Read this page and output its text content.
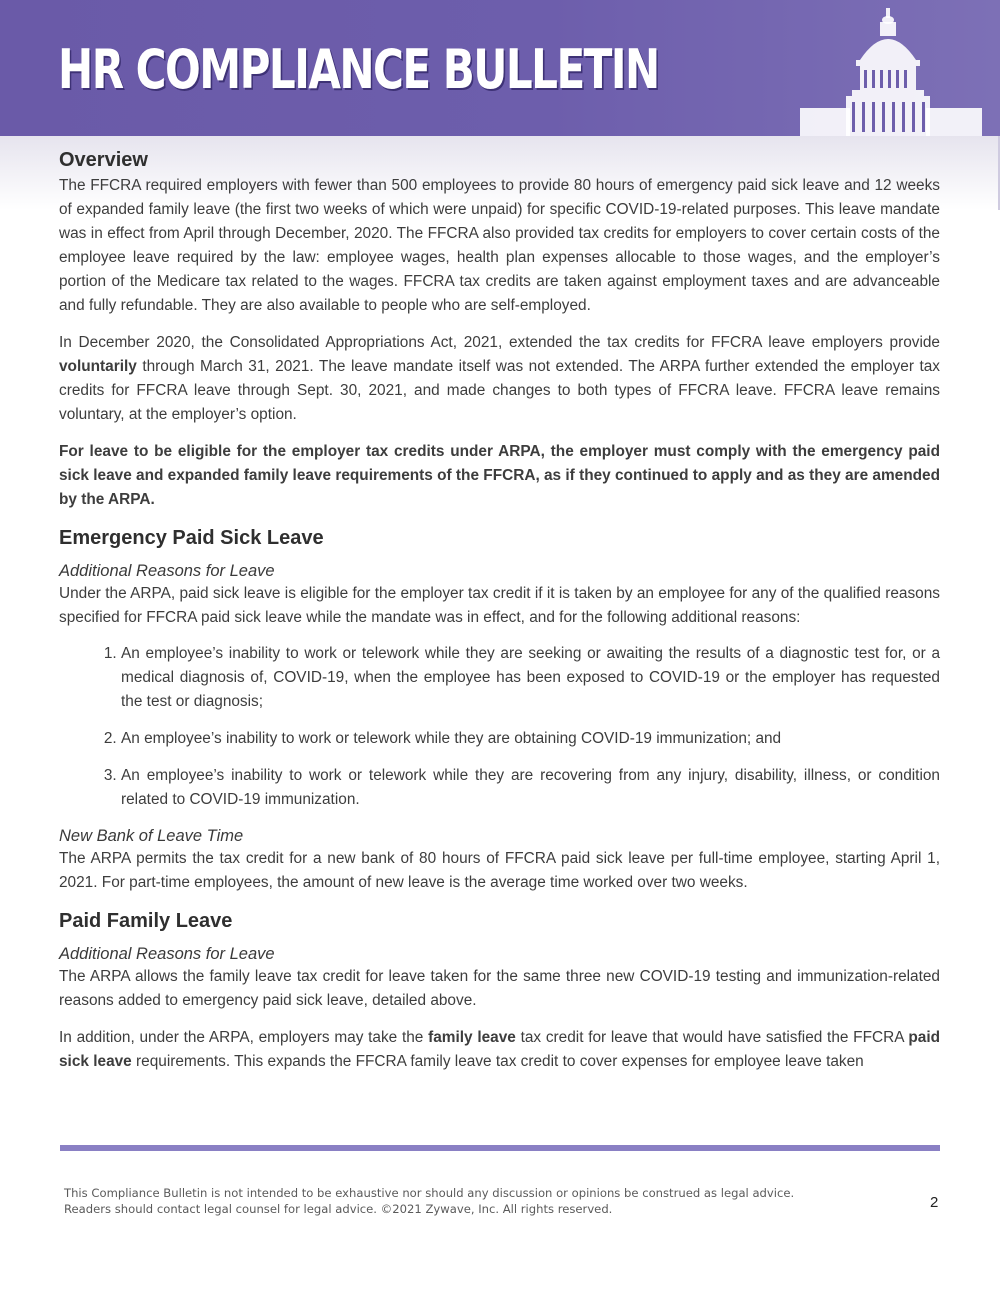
HR COMPLIANCE BULLETIN
Overview

The FFCRA required employers with fewer than 500 employees to provide 80 hours of emergency paid sick leave and 12 weeks of expanded family leave (the first two weeks of which were unpaid) for specific COVID-19-related purposes. This leave mandate was in effect from April through December, 2020. The FFCRA also provided tax credits for employers to cover certain costs of the employee leave required by the law: employee wages, health plan expenses allocable to those wages, and the employer’s portion of the Medicare tax related to the wages. FFCRA tax credits are taken against employment taxes and are advanceable and fully refundable. They are also available to people who are self-employed.

In December 2020, the Consolidated Appropriations Act, 2021, extended the tax credits for FFCRA leave employers provide voluntarily through March 31, 2021. The leave mandate itself was not extended. The ARPA further extended the employer tax credits for FFCRA leave through Sept. 30, 2021, and made changes to both types of FFCRA leave. FFCRA leave remains voluntary, at the employer’s option.

For leave to be eligible for the employer tax credits under ARPA, the employer must comply with the emergency paid sick leave and expanded family leave requirements of the FFCRA, as if they continued to apply and as they are amended by the ARPA.

Emergency Paid Sick Leave
Additional Reasons for Leave

Under the ARPA, paid sick leave is eligible for the employer tax credit if it is taken by an employee for any of the qualified reasons specified for FFCRA paid sick leave while the mandate was in effect, and for the following additional reasons:

1. An employee’s inability to work or telework while they are seeking or awaiting the results of a diagnostic test for, or a medical diagnosis of, COVID-19, when the employee has been exposed to COVID-19 or the employer has requested the test or diagnosis;
2. An employee’s inability to work or telework while they are obtaining COVID-19 immunization; and
3. An employee’s inability to work or telework while they are recovering from any injury, disability, illness, or condition related to COVID-19 immunization.
New Bank of Leave Time

The ARPA permits the tax credit for a new bank of 80 hours of FFCRA paid sick leave per full-time employee, starting April 1, 2021. For part-time employees, the amount of new leave is the average time worked over two weeks.

Paid Family Leave
Additional Reasons for Leave

The ARPA allows the family leave tax credit for leave taken for the same three new COVID-19 testing and immunization-related reasons added to emergency paid sick leave, detailed above.

In addition, under the ARPA, employers may take the family leave tax credit for leave that would have satisfied the FFCRA paid sick leave requirements. This expands the FFCRA family leave tax credit to cover expenses for employee leave taken

This Compliance Bulletin is not intended to be exhaustive nor should any discussion or opinions be construed as legal advice. Readers should contact legal counsel for legal advice. ©2021 Zywave, Inc. All rights reserved.	2
